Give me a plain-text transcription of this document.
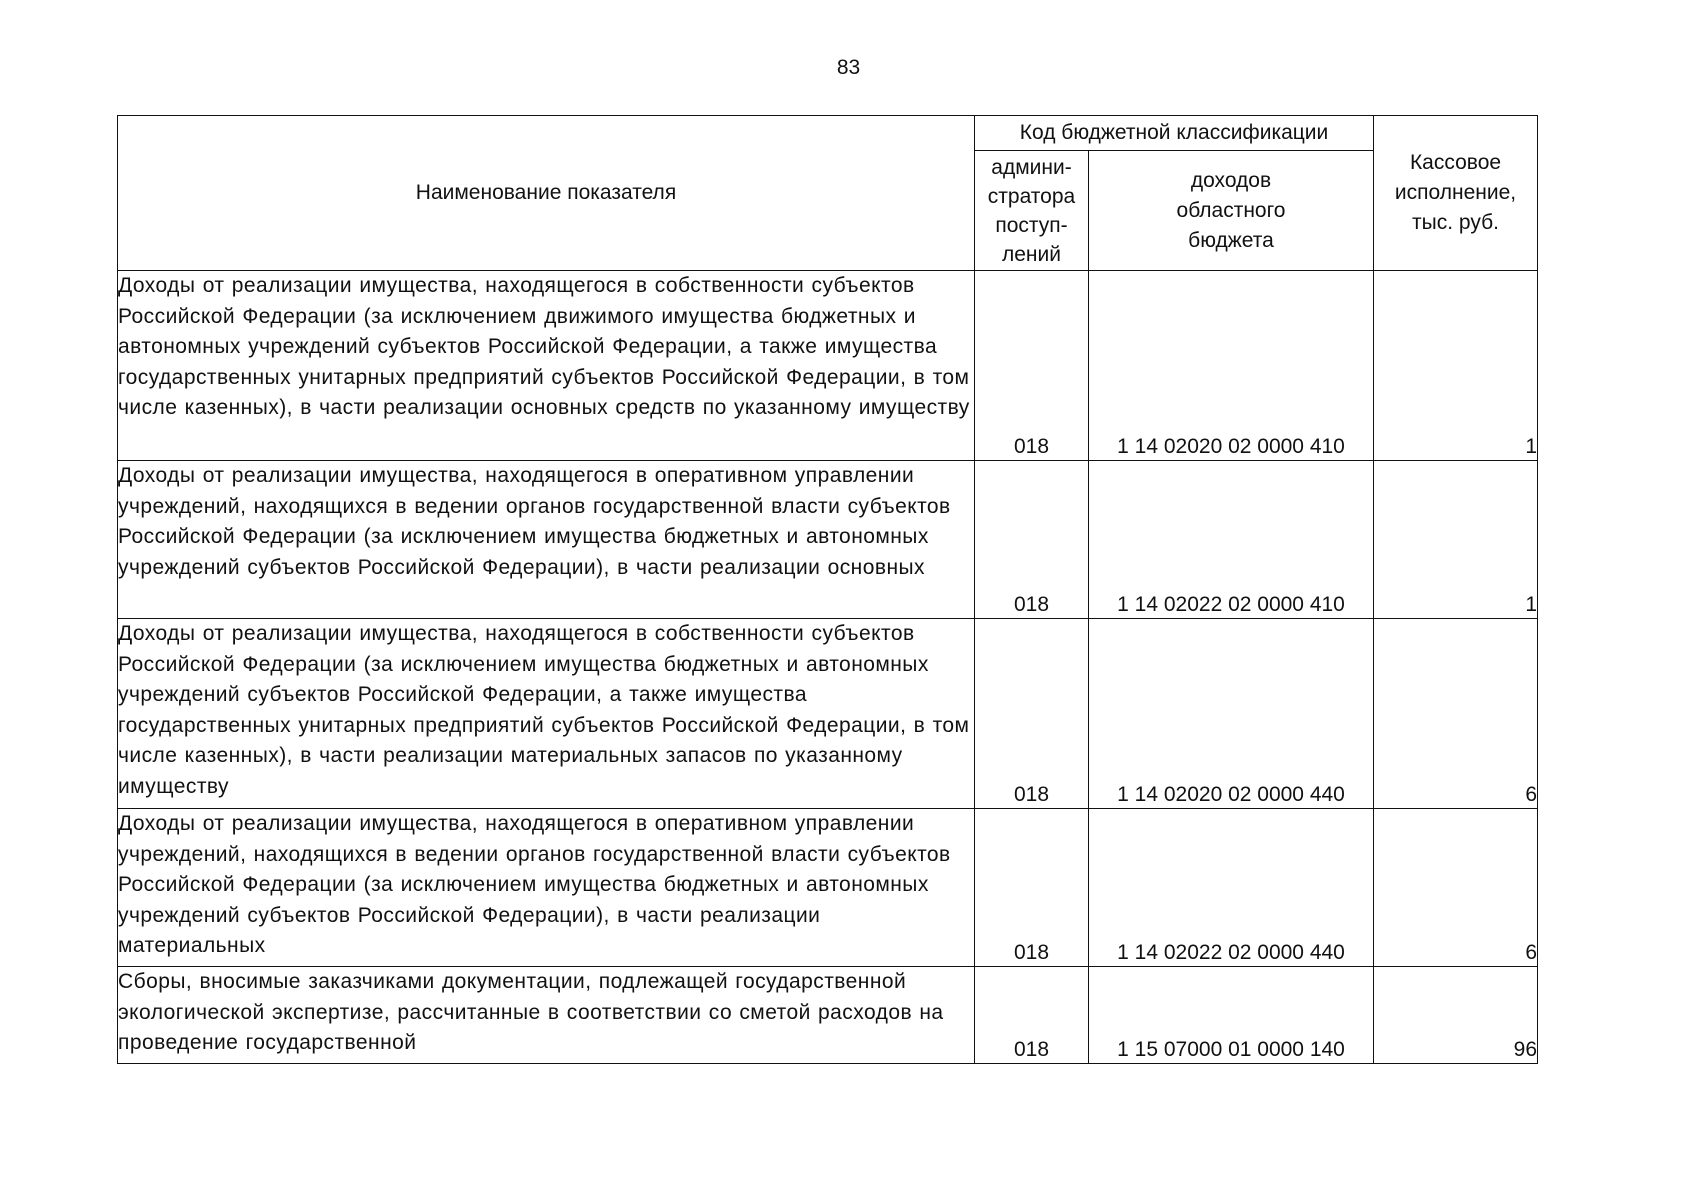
83
Наименование показателя	Код бюджетной классификации		Кассовое
исполнение,
тыс. руб.
	админи-
стратора
поступ-
лений	доходов
областного
бюджета	

Доходы от реализации имущества, находящегося в собственности субъектов Российской Федерации (за исключением движимого имущества бюджетных и автономных учреждений субъектов Российской Федерации, а также имущества государственных унитарных предприятий субъектов Российской Федерации, в том числе казенных), в части реализации основных средств по указанному имуществу	018	1 14 02020 02 0000 410	1

Доходы от реализации имущества, находящегося в оперативном управлении учреждений, находящихся в ведении органов государственной власти субъектов Российской Федерации (за исключением имущества бюджетных и автономных учреждений субъектов Российской Федерации), в части реализации основных	018	1 14 02022 02 0000 410	1

Доходы от реализации имущества, находящегося в собственности субъектов Российской Федерации (за исключением имущества бюджетных и автономных учреждений субъектов Российской Федерации, а также имущества государственных унитарных предприятий субъектов Российской Федерации, в том числе казенных), в части реализации материальных запасов по указанному имуществу	018	1 14 02020 02 0000 440	6

Доходы от реализации имущества, находящегося в оперативном управлении учреждений, находящихся в ведении органов государственной власти субъектов Российской Федерации (за исключением имущества бюджетных и автономных учреждений субъектов Российской Федерации), в части реализации материальных	018	1 14 02022 02 0000 440	6

Сборы, вносимые заказчиками документации, подлежащей государственной экологической экспертизе, рассчитанные в соответствии со сметой расходов на проведение государственной	018	1 15 07000 01 0000 140	96
